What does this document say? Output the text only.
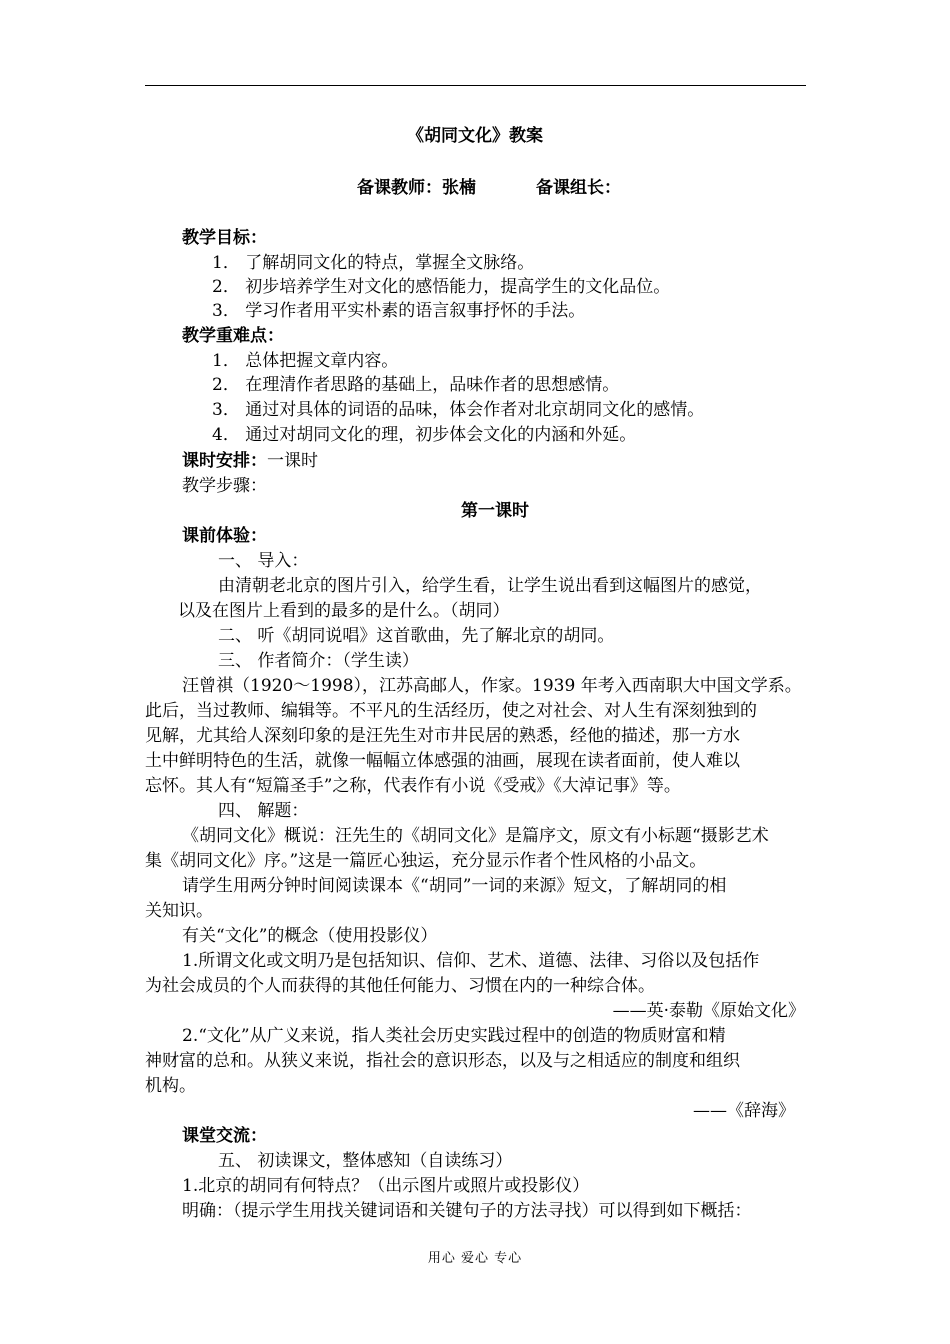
《胡同文化》教案
备课教师：张楠	备课组长：
教学目标：
1． 了解胡同文化的特点，掌握全文脉络。
2． 初步培养学生对文化的感悟能力，提高学生的文化品位。
3． 学习作者用平实朴素的语言叙事抒怀的手法。
教学重难点：
1． 总体把握文章内容。
2． 在理清作者思路的基础上，品味作者的思想感情。
3． 通过对具体的词语的品味，体会作者对北京胡同文化的感情。
4． 通过对胡同文化的理，初步体会文化的内涵和外延。
课时安排：一课时
教学步骤：
第一课时
课前体验：
一、 导入：
由清朝老北京的图片引入，给学生看，让学生说出看到这幅图片的感觉，
以及在图片上看到的最多的是什么。（胡同）
二、 听《胡同说唱》这首歌曲，先了解北京的胡同。
三、 作者简介：（学生读）
汪曾祺（1920～1998），江苏高邮人，作家。1939 年考入西南职大中国文学系。
此后，当过教师、编辑等。不平凡的生活经历，使之对社会、对人生有深刻独到的
见解，尤其给人深刻印象的是汪先生对市井民居的熟悉，经他的描述，那一方水
土中鲜明特色的生活，就像一幅幅立体感强的油画，展现在读者面前，使人难以
忘怀。其人有“短篇圣手”之称，代表作有小说《受戒》《大淖记事》等。
四、 解题：
《胡同文化》概说：汪先生的《胡同文化》是篇序文，原文有小标题“摄影艺术
集《胡同文化》序。”这是一篇匠心独运，充分显示作者个性风格的小品文。
请学生用两分钟时间阅读课本《“胡同”一词的来源》短文，了解胡同的相
关知识。
有关“文化”的概念（使用投影仪）
1.所谓文化或文明乃是包括知识、信仰、艺术、道德、法律、习俗以及包括作
为社会成员的个人而获得的其他任何能力、习惯在内的一种综合体。
——英·泰勒《原始文化》
2.“文化”从广义来说，指人类社会历史实践过程中的创造的物质财富和精
神财富的总和。从狭义来说，指社会的意识形态，以及与之相适应的制度和组织
机构。
——《辞海》
课堂交流：
五、 初读课文，整体感知（自读练习）
1.北京的胡同有何特点？（出示图片或照片或投影仪）
明确：（提示学生用找关键词语和关键句子的方法寻找）可以得到如下概括：
用心 爱心 专心
